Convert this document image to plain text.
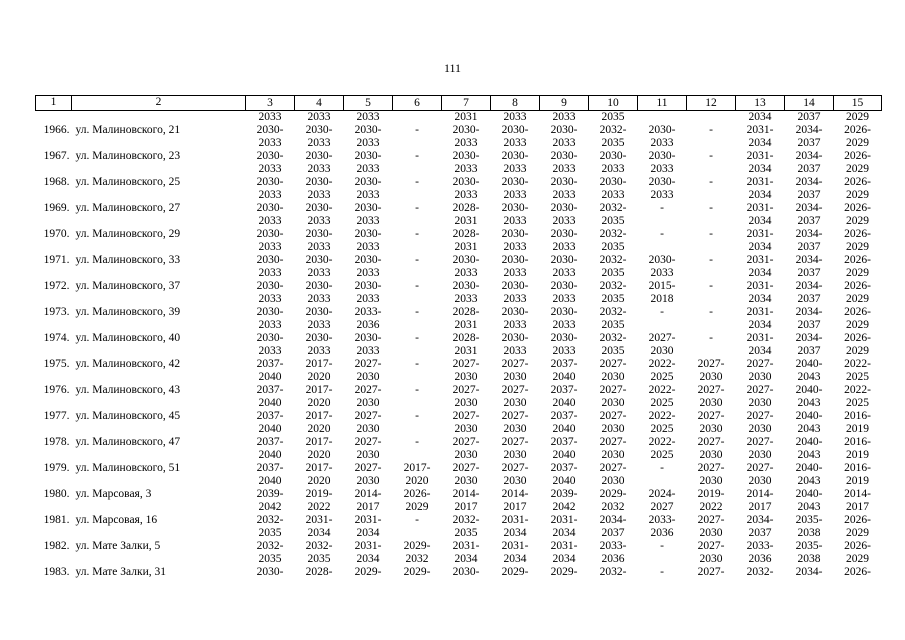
111
1 2	3	4	5	6	7	8	9	10	11	12	13	14	15
	2033	2033	2033		2031	2033	2033	2035			2034	2037	2029
1966. ул. Малиновского, 21	2030-	2030-	2030-	-	2030-	2030-	2030-	2032-	2030-	-	2031-	2034-	2026-
	2033	2033	2033		2033	2033	2033	2035	2033		2034	2037	2029
1967. ул. Малиновского, 23	2030-	2030-	2030-	-	2030-	2030-	2030-	2030-	2030-	-	2031-	2034-	2026-
	2033	2033	2033		2033	2033	2033	2033	2033		2034	2037	2029
1968. ул. Малиновского, 25	2030-	2030-	2030-	-	2030-	2030-	2030-	2030-	2030-	-	2031-	2034-	2026-
	2033	2033	2033		2033	2033	2033	2033	2033		2034	2037	2029
1969. ул. Малиновского, 27	2030-	2030-	2030-	-	2028-	2030-	2030-	2032-	-	-	2031-	2034-	2026-
	2033	2033	2033		2031	2033	2033	2035			2034	2037	2029
1970. ул. Малиновского, 29	2030-	2030-	2030-	-	2028-	2030-	2030-	2032-	-	-	2031-	2034-	2026-
	2033	2033	2033		2031	2033	2033	2035			2034	2037	2029
1971. ул. Малиновского, 33	2030-	2030-	2030-	-	2030-	2030-	2030-	2032-	2030-	-	2031-	2034-	2026-
	2033	2033	2033		2033	2033	2033	2035	2033		2034	2037	2029
1972. ул. Малиновского, 37	2030-	2030-	2030-	-	2030-	2030-	2030-	2032-	2015-	-	2031-	2034-	2026-
	2033	2033	2033		2033	2033	2033	2035	2018		2034	2037	2029
1973. ул. Малиновского, 39	2030-	2030-	2033-	-	2028-	2030-	2030-	2032-	-	-	2031-	2034-	2026-
	2033	2033	2036		2031	2033	2033	2035			2034	2037	2029
1974. ул. Малиновского, 40	2030-	2030-	2030-	-	2028-	2030-	2030-	2032-	2027-	-	2031-	2034-	2026-
	2033	2033	2033		2031	2033	2033	2035	2030		2034	2037	2029
1975. ул. Малиновского, 42	2037-	2017-	2027-	-	2027-	2027-	2037-	2027-	2022-	2027-	2027-	2040-	2022-
	2040	2020	2030		2030	2030	2040	2030	2025	2030	2030	2043	2025
1976. ул. Малиновского, 43	2037-	2017-	2027-	-	2027-	2027-	2037-	2027-	2022-	2027-	2027-	2040-	2022-
	2040	2020	2030		2030	2030	2040	2030	2025	2030	2030	2043	2025
1977. ул. Малиновского, 45	2037-	2017-	2027-	-	2027-	2027-	2037-	2027-	2022-	2027-	2027-	2040-	2016-
	2040	2020	2030		2030	2030	2040	2030	2025	2030	2030	2043	2019
1978. ул. Малиновского, 47	2037-	2017-	2027-	-	2027-	2027-	2037-	2027-	2022-	2027-	2027-	2040-	2016-
	2040	2020	2030		2030	2030	2040	2030	2025	2030	2030	2043	2019
1979. ул. Малиновского, 51	2037-	2017-	2027-	2017-	2027-	2027-	2037-	2027-	-	2027-	2027-	2040-	2016-
	2040	2020	2030	2020	2030	2030	2040	2030		2030	2030	2043	2019
1980. ул. Марсовая, 3	2039-	2019-	2014-	2026-	2014-	2014-	2039-	2029-	2024-	2019-	2014-	2040-	2014-
	2042	2022	2017	2029	2017	2017	2042	2032	2027	2022	2017	2043	2017
1981. ул. Марсовая, 16	2032-	2031-	2031-	-	2032-	2031-	2031-	2034-	2033-	2027-	2034-	2035-	2026-
	2035	2034	2034		2035	2034	2034	2037	2036	2030	2037	2038	2029
1982. ул. Мате Залки, 5	2032-	2032-	2031-	2029-	2031-	2031-	2031-	2033-	-	2027-	2033-	2035-	2026-
	2035	2035	2034	2032	2034	2034	2034	2036		2030	2036	2038	2029
1983. ул. Мате Залки, 31	2030-	2028-	2029-	2029-	2030-	2029-	2029-	2032-	-	2027-	2032-	2034-	2026-
